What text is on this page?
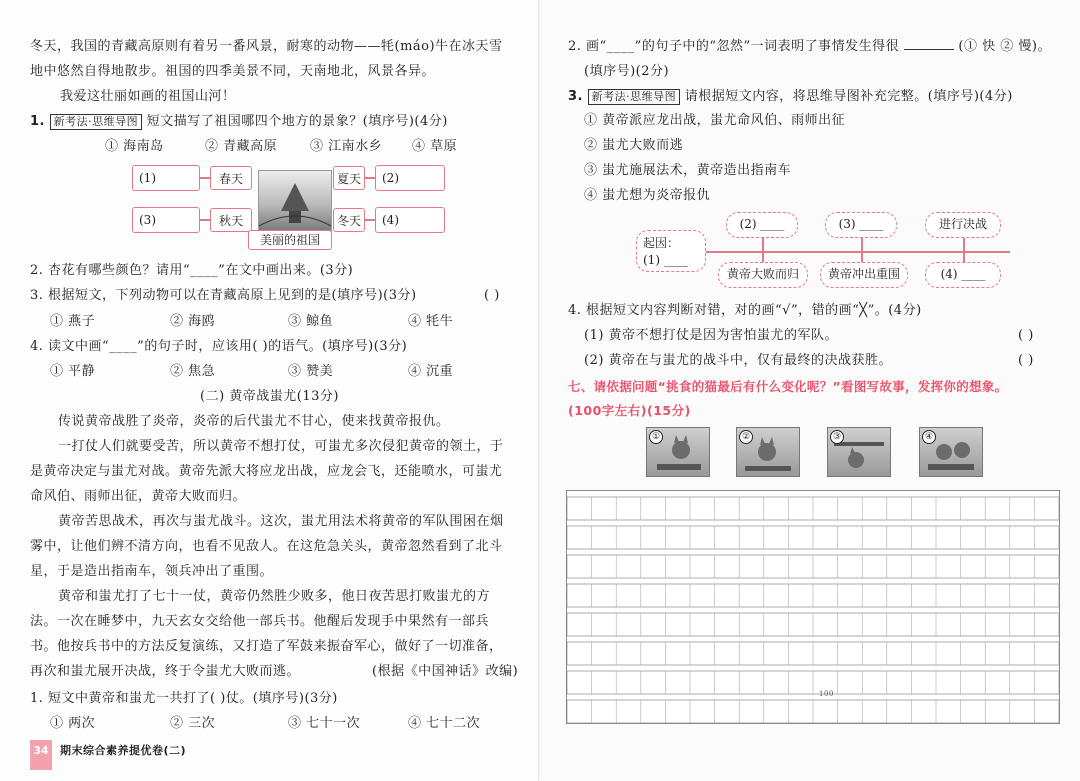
冬天，我国的青藏高原则有着另一番风景，耐寒的动物——牦(máo)牛在冰天雪
地中悠然自得地散步。祖国的四季美景不同，天南地北，风景各异。
我爱这壮丽如画的祖国山河！
1. 新考法·思维导图 短文描写了祖国哪四个地方的景象？(填序号)(4分)
① 海南岛	② 青藏高原	③ 江南水乡 ④ 草原
(1)
(3)
(2)
(4)
春天
秋天
夏天
冬天
美丽的祖国
2. 杏花有哪些颜色？请用“____”在文中画出来。(3分)
3. 根据短文，下列动物可以在青藏高原上见到的是(填序号)(3分)	( )
① 燕子	② 海鸥	③ 鲸鱼	④ 牦牛
4. 读文中画“____”的句子时，应该用( )的语气。(填序号)(3分)
① 平静	② 焦急	③ 赞美	④ 沉重
(二) 黄帝战蚩尤(13分)
传说黄帝战胜了炎帝，炎帝的后代蚩尤不甘心，使来找黄帝报仇。
一打仗人们就要受苦，所以黄帝不想打仗，可蚩尤多次侵犯黄帝的领土，于
是黄帝决定与蚩尤对战。黄帝先派大将应龙出战，应龙会飞，还能喷水，可蚩尤
命风伯、雨师出征，黄帝大败而归。
黄帝苦思战术，再次与蚩尤战斗。这次，蚩尤用法术将黄帝的军队围困在烟
雾中，让他们辨不清方向，也看不见敌人。在这危急关头，黄帝忽然看到了北斗
星，于是造出指南车，领兵冲出了重围。
黄帝和蚩尤打了七十一仗，黄帝仍然胜少败多，他日夜苦思打败蚩尤的方
法。一次在睡梦中，九天玄女交给他一部兵书。他醒后发现手中果然有一部兵
书。他按兵书中的方法反复演练，又打造了军鼓来振奋军心，做好了一切准备，
再次和蚩尤展开决战，终于令蚩尤大败而逃。	(根据《中国神话》改编)
1. 短文中黄帝和蚩尤一共打了( )仗。(填序号)(3分)
① 两次	② 三次	③ 七十一次	④ 七十二次
34	期末综合素养提优卷(二)
2. 画“____”的句子中的“忽然”一词表明了事情发生得很	(① 快 ② 慢)。
(填序号)(2分)
3. 新考法·思维导图 请根据短文内容，将思维导图补充完整。(填序号)(4分)
① 黄帝派应龙出战，蚩尤命风伯、雨师出征
② 蚩尤大败而逃
③ 蚩尤施展法术，黄帝造出指南车
④ 蚩尤想为炎帝报仇
起因：
(1) ____
(2) ____	(3) ____	进行决战
黄帝大败而归	黄帝冲出重围	(4) ____
4. 根据短文内容判断对错，对的画“√”，错的画“╳”。(4分)
(1) 黄帝不想打仗是因为害怕蚩尤的军队。	( )
(2) 黄帝在与蚩尤的战斗中，仅有最终的决战获胜。	( )
七、请依据问题“挑食的猫最后有什么变化呢？”看图写故事，发挥你的想象。
(100字左右)(15分)
①	②	③	④
100
